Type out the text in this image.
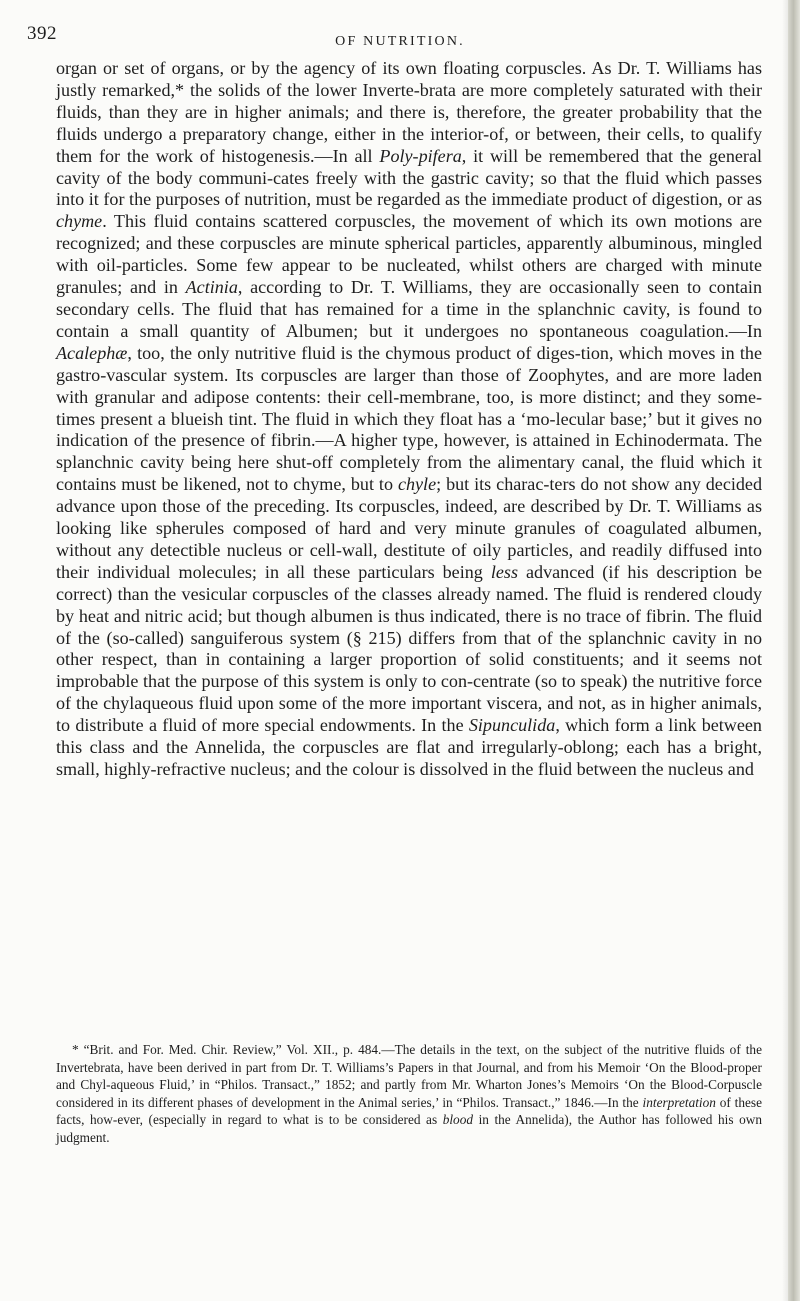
392	OF NUTRITION.

organ or set of organs, or by the agency of its own floating corpuscles. As Dr. T. Williams has justly remarked,* the solids of the lower Inverte-brata are more completely saturated with their fluids, than they are in higher animals; and there is, therefore, the greater probability that the fluids undergo a preparatory change, either in the interior-of, or between, their cells, to qualify them for the work of histogenesis.—In all Poly-pifera, it will be remembered that the general cavity of the body communi-cates freely with the gastric cavity; so that the fluid which passes into it for the purposes of nutrition, must be regarded as the immediate product of digestion, or as chyme. This fluid contains scattered corpuscles, the movement of which its own motions are recognized; and these corpuscles are minute spherical particles, apparently albuminous, mingled with oil-particles. Some few appear to be nucleated, whilst others are charged with minute granules; and in Actinia, according to Dr. T. Williams, they are occasionally seen to contain secondary cells. The fluid that has remained for a time in the splanchnic cavity, is found to contain a small quantity of Albumen; but it undergoes no spontaneous coagulation.—In Acalephæ, too, the only nutritive fluid is the chymous product of diges-tion, which moves in the gastro-vascular system. Its corpuscles are larger than those of Zoophytes, and are more laden with granular and adipose contents: their cell-membrane, too, is more distinct; and they some-times present a blueish tint. The fluid in which they float has a ‘mo-lecular base;’ but it gives no indication of the presence of fibrin.—A higher type, however, is attained in Echinodermata. The splanchnic cavity being here shut-off completely from the alimentary canal, the fluid which it contains must be likened, not to chyme, but to chyle; but its charac-ters do not show any decided advance upon those of the preceding. Its corpuscles, indeed, are described by Dr. T. Williams as looking like spherules composed of hard and very minute granules of coagulated albumen, without any detectible nucleus or cell-wall, destitute of oily particles, and readily diffused into their individual molecules; in all these particulars being less advanced (if his description be correct) than the vesicular corpuscles of the classes already named. The fluid is rendered cloudy by heat and nitric acid; but though albumen is thus indicated, there is no trace of fibrin. The fluid of the (so-called) sanguiferous system (§ 215) differs from that of the splanchnic cavity in no other respect, than in containing a larger proportion of solid constituents; and it seems not improbable that the purpose of this system is only to con-centrate (so to speak) the nutritive force of the chylaqueous fluid upon some of the more important viscera, and not, as in higher animals, to distribute a fluid of more special endowments. In the Sipunculida, which form a link between this class and the Annelida, the corpuscles are flat and irregularly-oblong; each has a bright, small, highly-refractive nucleus; and the colour is dissolved in the fluid between the nucleus and

* “Brit. and For. Med. Chir. Review,” Vol. XII., p. 484.—The details in the text, on the subject of the nutritive fluids of the Invertebrata, have been derived in part from Dr. T. Williams’s Papers in that Journal, and from his Memoir ‘On the Blood-proper and Chyl-aqueous Fluid,’ in “Philos. Transact.,” 1852; and partly from Mr. Wharton Jones’s Memoirs ‘On the Blood-Corpuscle considered in its different phases of development in the Animal series,’ in “Philos. Transact.,” 1846.—In the interpretation of these facts, how-ever, (especially in regard to what is to be considered as blood in the Annelida), the Author has followed his own judgment.
